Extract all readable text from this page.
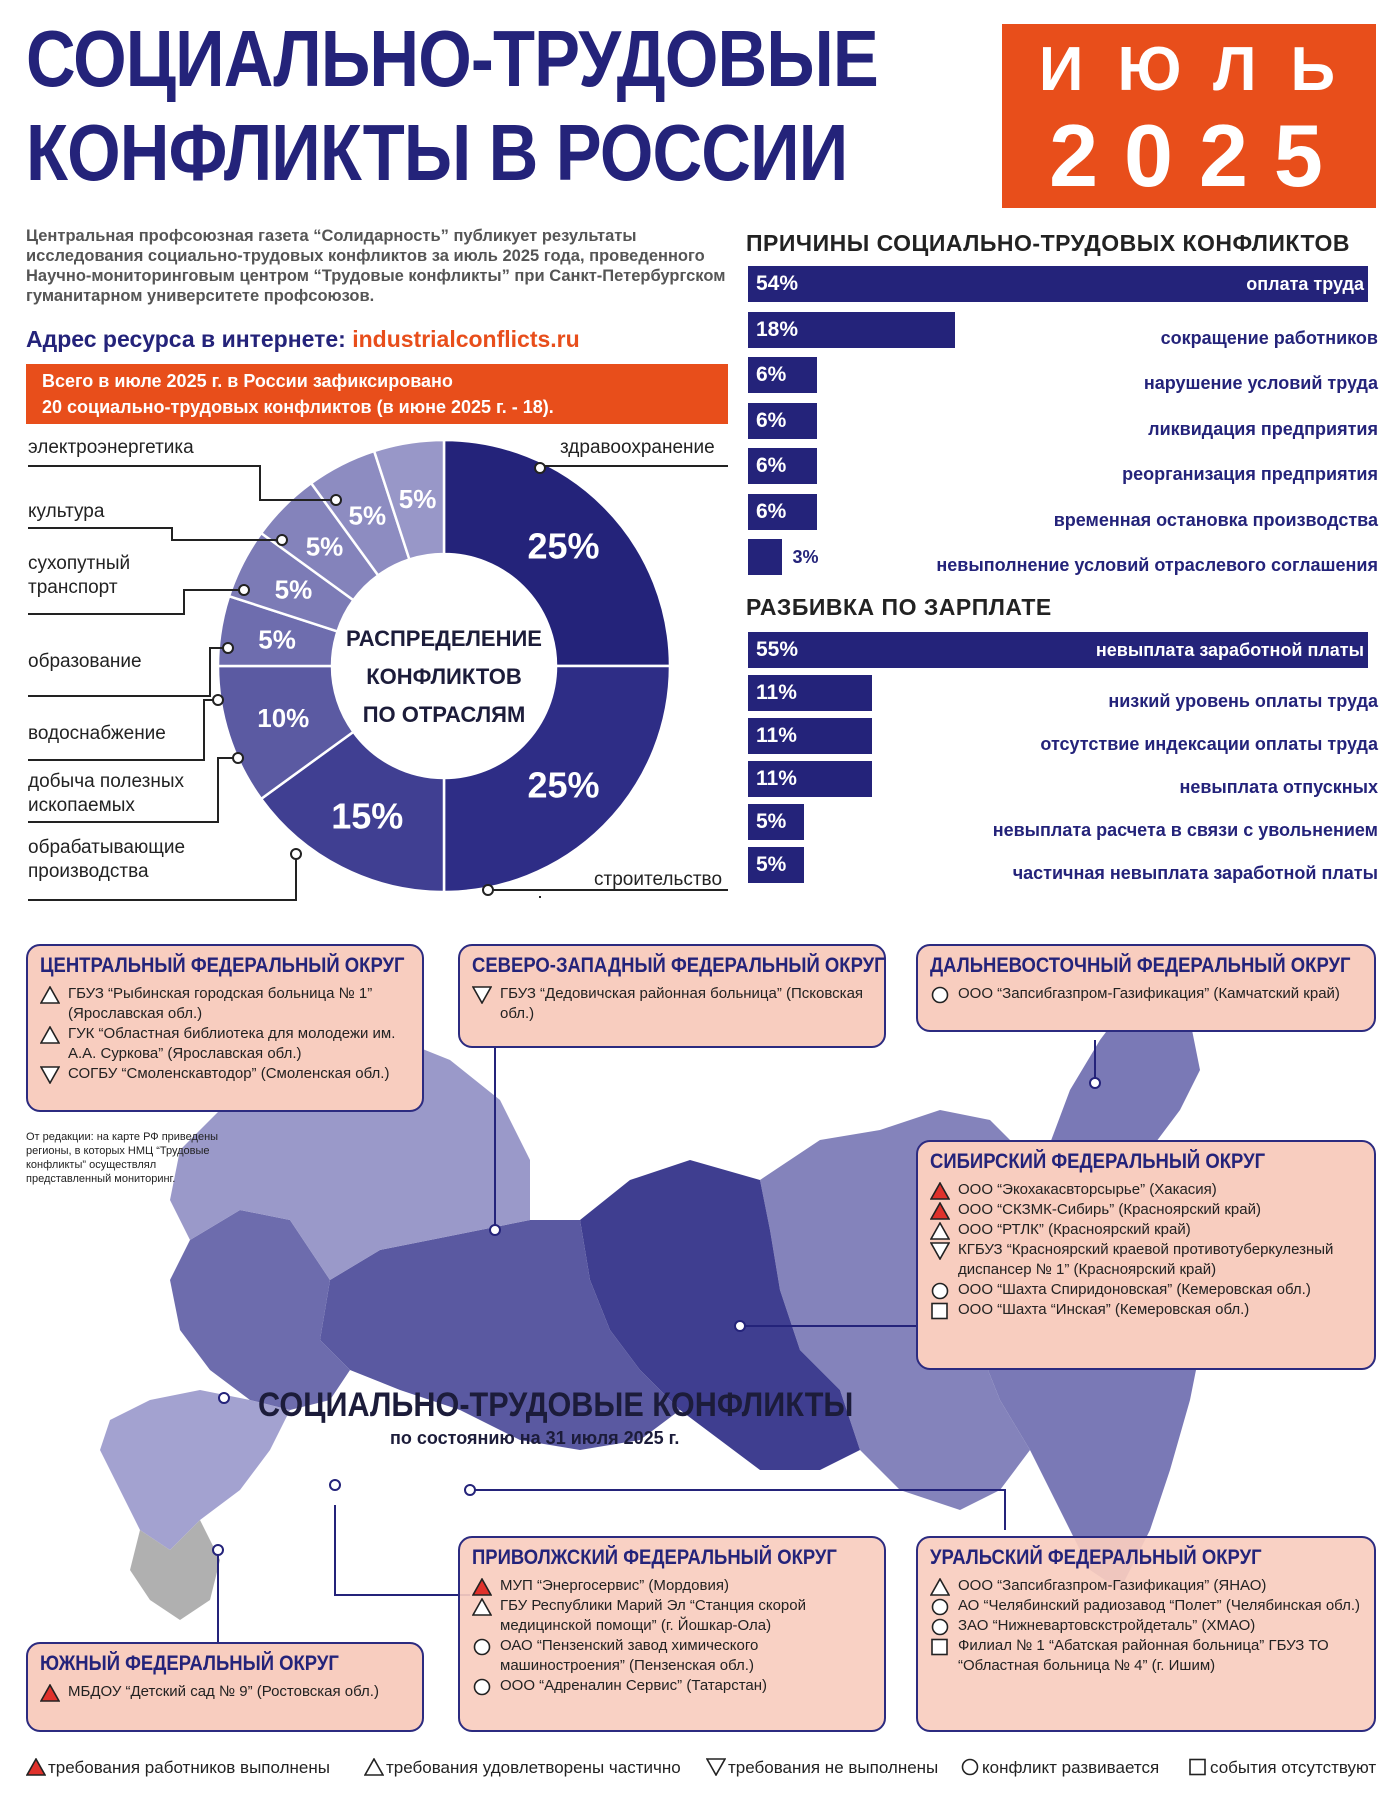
СОЦИАЛЬНО-ТРУДОВЫЕ
КОНФЛИКТЫ В РОССИИ
ИЮЛЬ
2025
Центральная профсоюзная газета “Солидарность” публикует результаты исследования социально-трудовых конфликтов за июль 2025 года, проведенного Научно-мониторинговым центром “Трудовые конфликты” при Санкт-Петербургском гуманитарном университете профсоюзов.
Адрес ресурса в интернете: industrialconflicts.ru
Всего в июле 2025 г. в России зафиксировано
20 социально-трудовых конфликтов (в июне 2025 г. - 18).
25%
25%
15%
10%
5%
5%
5%
5%
5%
РАСПРЕДЕЛЕНИЕ
КОНФЛИКТОВ
ПО ОТРАСЛЯМ
здравоохранение
строительство
обрабатывающие
производства
добыча полезных
ископаемых
водоснабжение
образование
сухопутный
транспорт
культура
электроэнергетика
ПРИЧИНЫ СОЦИАЛЬНО-ТРУДОВЫХ КОНФЛИКТОВ
54%	оплата труда
18%	сокращение работников
6%	нарушение условий труда
6%	ликвидация предприятия
6%	реорганизация предприятия
6%	временная остановка производства
3%	невыполнение условий отраслевого соглашения
РАЗБИВКА ПО ЗАРПЛАТЕ
55%	невыплата заработной платы
11%	низкий уровень оплаты труда
11%	отсутствие индексации оплаты труда
11%	невыплата отпускных
5%	невыплата расчета в связи с увольнением
5%	частичная невыплата заработной платы
СОЦИАЛЬНО-ТРУДОВЫЕ КОНФЛИКТЫ
по состоянию на 31 июля 2025 г.
От редакции: на карте РФ приведены регионы, в которых НМЦ “Трудовые конфликты” осуществлял представленный мониторинг.
ЦЕНТРАЛЬНЫЙ ФЕДЕРАЛЬНЫЙ ОКРУГ
ГБУЗ “Рыбинская городская больница № 1” (Ярославская обл.)
ГУК “Областная библиотека для молодежи им. А.А. Суркова” (Ярославская обл.)
СОГБУ “Смоленскавтодор” (Смоленская обл.)
СЕВЕРО-ЗАПАДНЫЙ ФЕДЕРАЛЬНЫЙ ОКРУГ
ГБУЗ “Дедовичская районная больница” (Псковская обл.)
ДАЛЬНЕВОСТОЧНЫЙ ФЕДЕРАЛЬНЫЙ ОКРУГ
ООО “Запсибгазпром-Газификация” (Камчатский край)
СИБИРСКИЙ ФЕДЕРАЛЬНЫЙ ОКРУГ
ООО “Экохакасвторсырье” (Хакасия)
ООО “СКЗМК-Сибирь” (Красноярский край)
ООО “РТЛК” (Красноярский край)
КГБУЗ “Красноярский краевой противотуберкулезный диспансер № 1” (Красноярский край)
ООО “Шахта Спиридоновская” (Кемеровская обл.)
ООО “Шахта “Инская” (Кемеровская обл.)
ПРИВОЛЖСКИЙ ФЕДЕРАЛЬНЫЙ ОКРУГ
МУП “Энергосервис” (Мордовия)
ГБУ Республики Марий Эл “Станция скорой медицинской помощи” (г. Йошкар-Ола)
ОАО “Пензенский завод химического машиностроения” (Пензенская обл.)
ООО “Адреналин Сервис” (Татарстан)
УРАЛЬСКИЙ ФЕДЕРАЛЬНЫЙ ОКРУГ
ООО “Запсибгазпром-Газификация” (ЯНАО)
АО “Челябинский радиозавод “Полет” (Челябинская обл.)
ЗАО “Нижневартовскстройдеталь” (ХМАО)
Филиал № 1 “Абатская районная больница” ГБУЗ ТО “Областная больница № 4” (г. Ишим)
ЮЖНЫЙ ФЕДЕРАЛЬНЫЙ ОКРУГ
МБДОУ “Детский сад № 9” (Ростовская обл.)
требования работников выполнены	требования удовлетворены частично	требования не выполнены	конфликт развивается	события отсутствуют
